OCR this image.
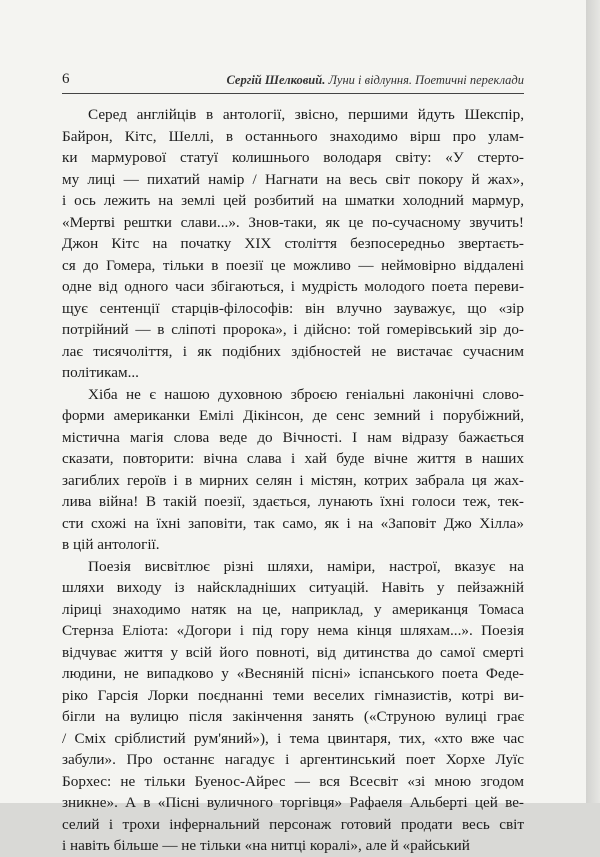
6	Сергій Шелковий. Луни і відлуння. Поетичні переклади
Серед англійців в антології, звісно, першими йдуть Шекспір,
Байрон, Кітс, Шеллі, в останнього знаходимо вірш про улам-
ки мармурової статуї колишнього володаря світу: «У стерто-
му лиці — пихатий намір / Нагнати на весь світ покору й жах»,
і ось лежить на землі цей розбитий на шматки холодний мармур,
«Мертві рештки слави...». Знов-таки, як це по-сучасному звучить!
Джон Кітс на початку XIX століття безпосередньо звертаєть-
ся до Гомера, тільки в поезії це можливо — неймовірно віддалені
одне від одного часи збігаються, і мудрість молодого поета переви-
щує сентенції старців-філософів: він влучно зауважує, що «зір
потрійний — в сліпоті пророка», і дійсно: той гомерівський зір до-
лає тисячоліття, і як подібних здібностей не вистачає сучасним
політикам...
Хіба не є нашою духовною зброєю геніальні лаконічні слово-
форми американки Емілі Дікінсон, де сенс земний і порубіжний,
містична магія слова веде до Вічності. І нам відразу бажається
сказати, повторити: вічна слава і хай буде вічне життя в наших
загиблих героїв і в мирних селян і містян, котрих забрала ця жах-
лива війна! В такій поезії, здається, лунають їхні голоси теж, тек-
сти схожі на їхні заповіти, так само, як і на «Заповіт Джо Хілла»
в цій антології.
Поезія висвітлює різні шляхи, наміри, настрої, вказує на
шляхи виходу із найскладніших ситуацій. Навіть у пейзажній
ліриці знаходимо натяк на це, наприклад, у американця Томаса
Стернза Еліота: «Догори і під гору нема кінця шляхам...». Поезія
відчуває життя у всій його повноті, від дитинства до самої смерті
людини, не випадково у «Весняній пісні» іспанського поета Феде-
ріко Гарсія Лорки поєднанні теми веселих гімназистів, котрі ви-
бігли на вулицю після закінчення занять («Струною вулиці грає
/ Сміх сріблистий рум'яний»), і тема цвинтаря, тих, «хто вже час
забули». Про останнє нагадує і аргентинський поет Хорхе Луїс
Борхес: не тільки Буенос-Айрес — вся Всесвіт «зі мною згодом
зникне». А в «Пісні вуличного торгівця» Рафаеля Альберті цей ве-
селий і трохи інфернальний персонаж готовий продати весь світ
і навіть більше — не тільки «на нитці коралі», але й «райський
